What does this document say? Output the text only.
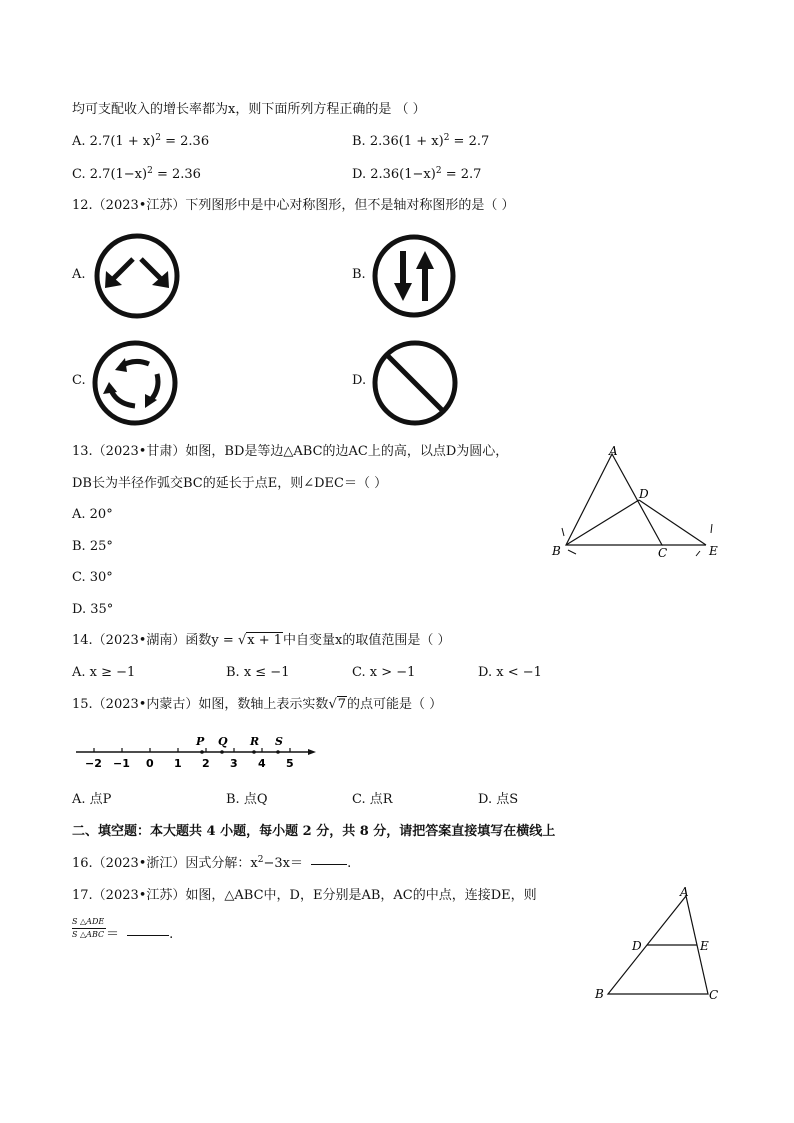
均可支配收入的增长率都为x，则下面所列方程正确的是 （ ）
A. $2.7(1 + x)^2 = 2.36$	B. $2.36(1 + x)^2 = 2.7$
C. $2.7(1-x)^2 = 2.36$	D. $2.36(1-x)^2 = 2.7$
12.（2023•江苏）下列图形中是中心对称图形，但不是轴对称图形的是（ ）
A.	B.
C.	D.
13.（2023•甘肃）如图，BD是等边△ABC的边AC上的高，以点D为圆心，
DB长为半径作弧交BC的延长于点E，则∠DEC＝（ ）
A. 20°
B. 25°
C. 30°
D. 35°
A
B	C
D
E
14.（2023•湖南）函数y = √x + 1中自变量x的取值范围是（ ）
A. x ≥ −1	B. x ≤ −1	C. x > −1	D. x < −1
15.（2023•内蒙古）如图，数轴上表示实数√7的点可能是（ ）
−2 −1 0 1 2 3 4 5
P Q R S
A. 点P	B. 点Q	C. 点R	D. 点S
二、填空题：本大题共 4 小题，每小题 2 分，共 8 分，请把答案直接填写在横线上
16.（2023•浙江）因式分解：$x^2-3x=$	.
17.（2023•江苏）如图，△ABC中，D，E分别是AB，AC的中点，连接DE，则
S △ADE
S △ABC ＝	.
A
B	C
D	E
